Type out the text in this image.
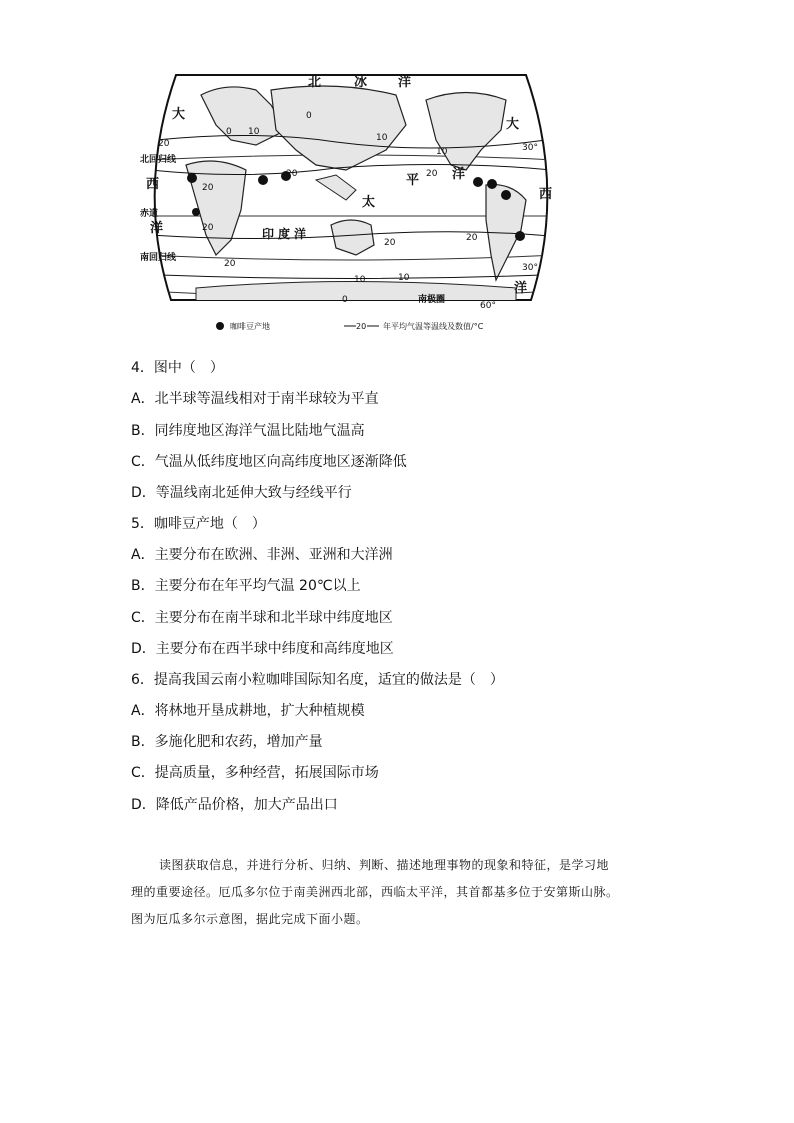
北	冰 洋
大
大
西
西
太
平	洋
洋	印 度 洋
洋
北回归线
赤道
南回归线
南极圈
30°
30°
60°
0 10
10
10
20
20
20
20
20
20
20
10	10
0
20
0
咖啡豆产地	20 年平均气温等温线及数值/°C
4．图中（　）
A．北半球等温线相对于南半球较为平直
B．同纬度地区海洋气温比陆地气温高
C．气温从低纬度地区向高纬度地区逐渐降低
D．等温线南北延伸大致与经线平行
5．咖啡豆产地（　）
A．主要分布在欧洲、非洲、亚洲和大洋洲
B．主要分布在年平均气温 20℃以上
C．主要分布在南半球和北半球中纬度地区
D．主要分布在西半球中纬度和高纬度地区
6．提高我国云南小粒咖啡国际知名度，适宜的做法是（　）
A．将林地开垦成耕地，扩大种植规模
B．多施化肥和农药，增加产量
C．提高质量，多种经营，拓展国际市场
D．降低产品价格，加大产品出口

读图获取信息，并进行分析、归纳、判断、描述地理事物的现象和特征，是学习地

理的重要途径。厄瓜多尔位于南美洲西北部，西临太平洋，其首都基多位于安第斯山脉。
图为厄瓜多尔示意图，据此完成下面小题。
